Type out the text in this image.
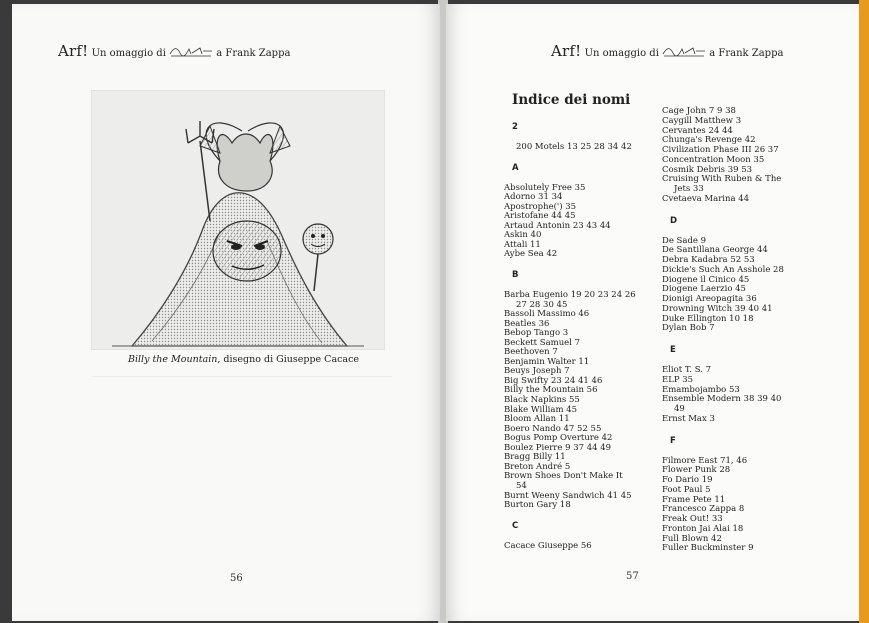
Arf! Un omaggio di	a Frank Zappa
Billy the Mountain, disegno di Giuseppe Cacace
56
Arf! Un omaggio di	a Frank Zappa
Indice dei nomi
2
200 Motels 13 25 28 34 42
A
Absolutely Free 35
Adorno 31 34
Apostrophe(') 35
Aristofane 44 45
Artaud Antonin 23 43 44
Askin 40
Attali 11
Aybe Sea 42
B
Barba Eugenio 19 20 23 24 26
27 28 30 45
Bassoli Massimo 46
Beatles 36
Bebop Tango 3
Beckett Samuel 7
Beethoven 7
Benjamin Walter 11
Beuys Joseph 7
Big Swifty 23 24 41 46
Billy the Mountain 56
Black Napkins 55
Blake William 45
Bloom Allan 11
Boero Nando 47 52 55
Bogus Pomp Overture 42
Boulez Pierre 9 37 44 49
Bragg Billy 11
Breton André 5
Brown Shoes Don't Make It
54
Burnt Weeny Sandwich 41 45
Burton Gary 18
C
Cacace Giuseppe 56
Cage John 7 9 38
Caygill Matthew 3
Cervantes 24 44
Chunga's Revenge 42
Civilization Phase III 26 37
Concentration Moon 35
Cosmik Debris 39 53
Cruising With Ruben & The
Jets 33
Cvetaeva Marina 44
D
De Sade 9
De Santillana George 44
Debra Kadabra 52 53
Dickie's Such An Asshole 28
Diogene il Cinico 45
Diogene Laerzio 45
Dionigi Areopagita 36
Drowning Witch 39 40 41
Duke Ellington 10 18
Dylan Bob 7
E
Eliot T. S. 7
ELP 35
Emambojambo 53
Ensemble Modern 38 39 40
49
Ernst Max 3
F
Filmore East 71, 46
Flower Punk 28
Fo Dario 19
Foot Paul 5
Frame Pete 11
Francesco Zappa 8
Freak Out! 33
Fronton Jai Alai 18
Full Blown 42
Fuller Buckminster 9
57
